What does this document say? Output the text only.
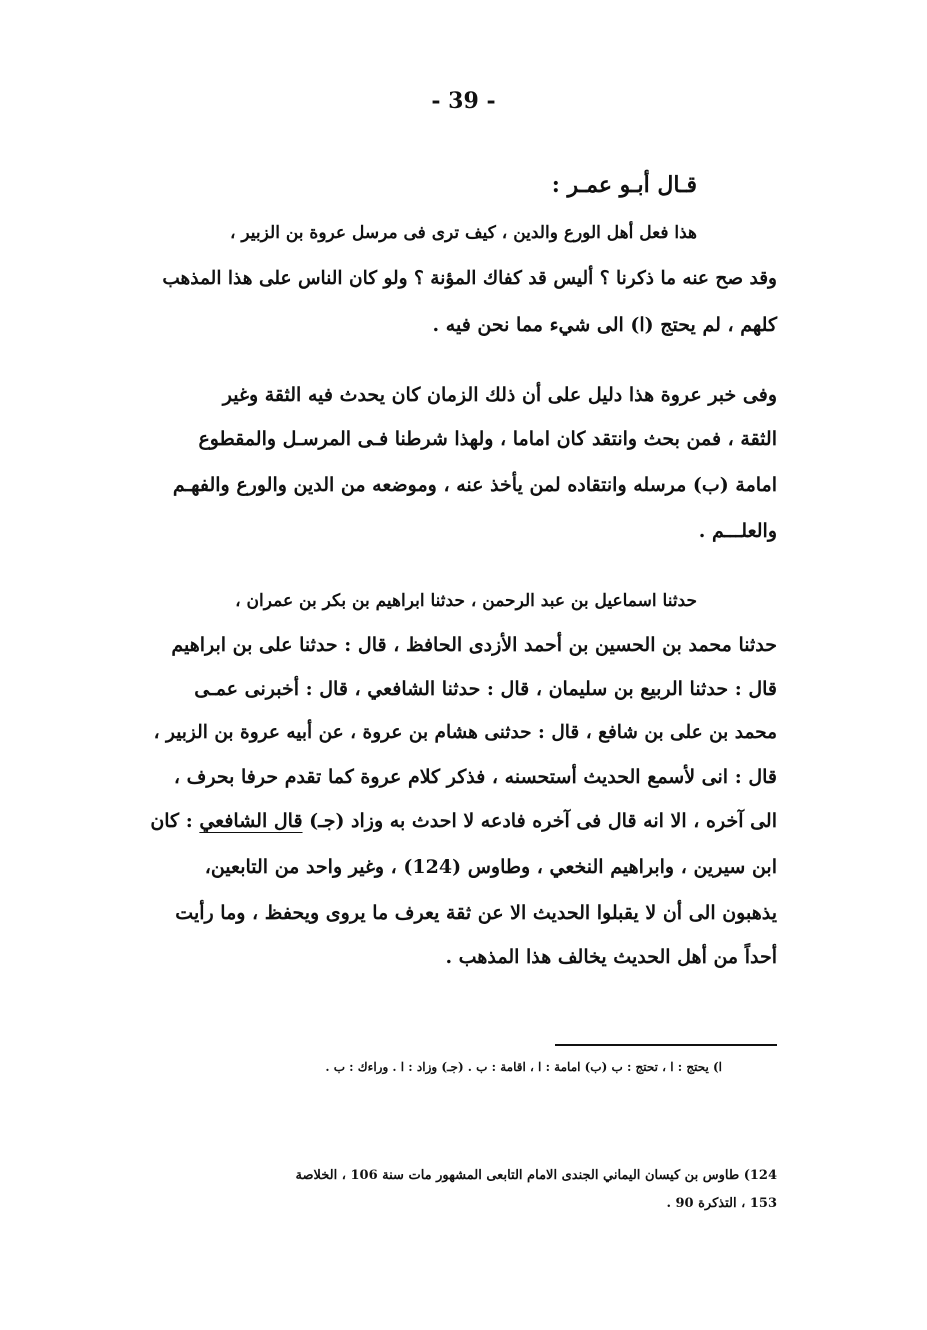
- 39 -
قـال أبـو عمـر :
هذا فعل أهل الورع والدين ، كيف ترى فى مرسل عروة بن الزبير ،
وقد صح عنه ما ذكرنا ؟ أليس قد كفاك المؤنة ؟ ولو كان الناس على هذا المذهب
كلهم ، لم يحتج (ا) الى شيء مما نحن فيه .
وفى خبر عروة هذا دليل على أن ذلك الزمان كان يحدث فيه الثقة وغير
الثقة ، فمن بحث وانتقد كان اماما ، ولهذا شرطنا فـى المرسـل والمقطوع
امامة (ب) مرسله وانتقاده لمن يأخذ عنه ، وموضعه من الدين والورع والفهـم
والعلـــم .
حدثنا اسماعيل بن عبد الرحمن ، حدثنا ابراهيم بن بكر بن عمران ،
حدثنا محمد بن الحسين بن أحمد الأزدى الحافظ ، قال : حدثنا على بن ابراهيم
قال : حدثنا الربيع بن سليمان ، قال : حدثنا الشافعي ، قال : أخبرنى عمـى
محمد بن على بن شافع ، قال : حدثنى هشام بن عروة ، عن أبيه عروة بن الزبير ،
قال : انى لأسمع الحديث أستحسنه ، فذكر كلام عروة كما تقدم حرفا بحرف ،
الى آخره ، الا انه قال فى آخره فادعه لا احدث به وزاد (جـ) قال الشافعي : كان
ابن سيرين ، وابراهيم النخعي ، وطاوس (124) ، وغير واحد من التابعين،
يذهبون الى أن لا يقبلوا الحديث الا عن ثقة يعرف ما يروى ويحفظ ، وما رأيت
أحداً من أهل الحديث يخالف هذا المذهب .
ا) يحتج : ا ، تحتج : ب (ب) امامة : ا ، اقامة : ب . (جـ) وزاد : ا . وراءك : ب .
124) طاوس بن كيسان اليماني الجندى الامام التابعى المشهور مات سنة 106 ، الخلاصة
153 ، التذكرة 90 .
